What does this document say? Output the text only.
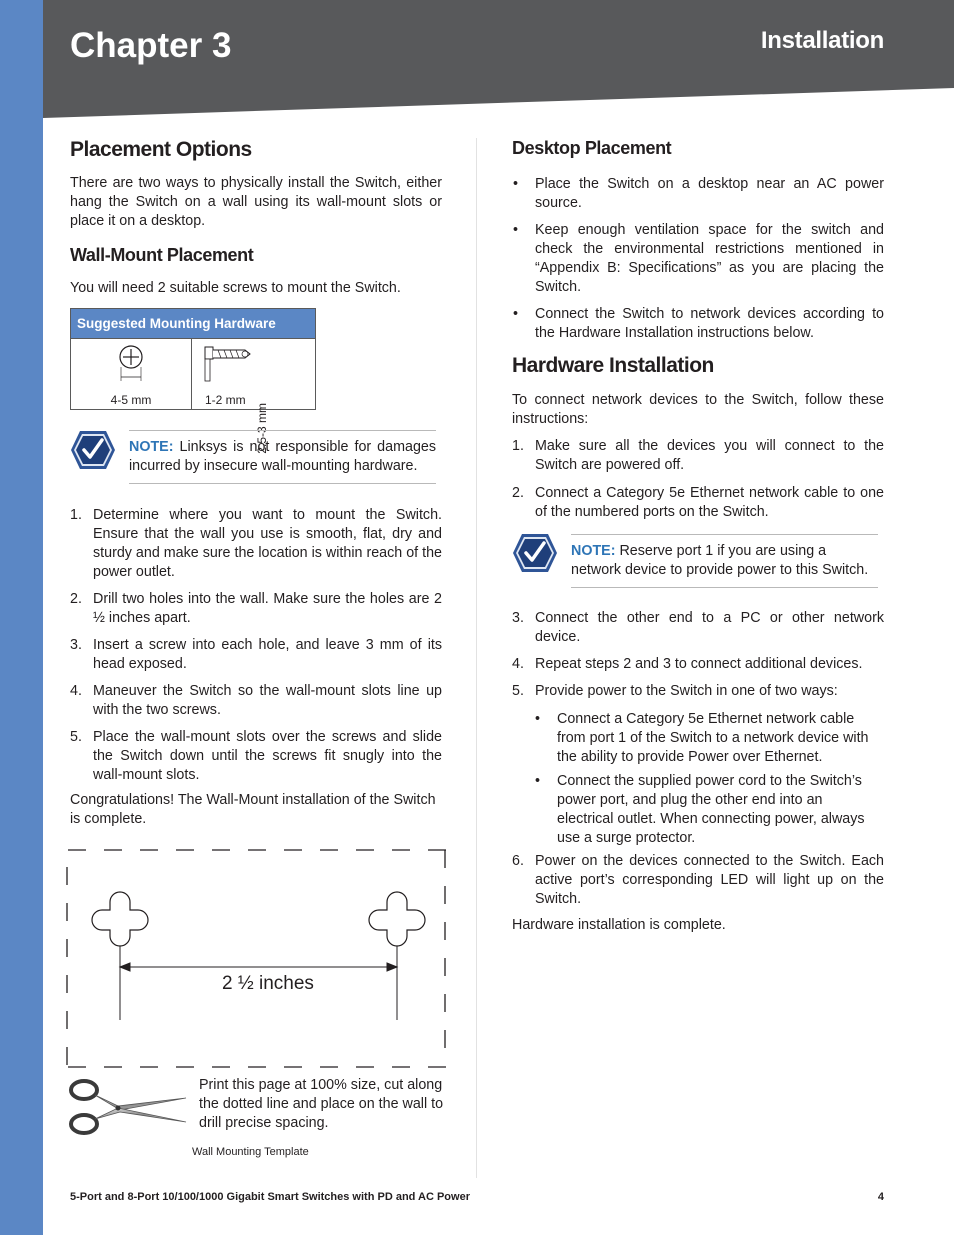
Chapter 3	Installation
Placement Options

There are two ways to physically install the Switch, either hang the Switch on a wall using its wall-mount slots or place it on a desktop.

Wall-Mount Placement

You will need 2 suitable screws to mount the Switch.

Suggested Mounting Hardware
4-5 mm	1-2 mm
2.5-3 mm
NOTE: Linksys is not responsible for damages incurred by insecure wall-mounting hardware.
1. Determine where you want to mount the Switch. Ensure that the wall you use is smooth, flat, dry and sturdy and make sure the location is within reach of the power outlet.
2. Drill two holes into the wall. Make sure the holes are 2 ½ inches apart.
3. Insert a screw into each hole, and leave 3 mm of its head exposed.
4. Maneuver the Switch so the wall-mount slots line up with the two screws.
5. Place the wall-mount slots over the screws and slide the Switch down until the screws fit snugly into the wall-mount slots.

Congratulations! The Wall-Mount installation of the Switch is complete.

2 ½ inches

Print this page at 100% size, cut along the dotted line and place on the wall to drill precise spacing.

Wall Mounting Template
Desktop Placement
• Place the Switch on a desktop near an AC power source.
• Keep enough ventilation space for the switch and check the environmental restrictions mentioned in “Appendix B: Specifications” as you are placing the Switch.
• Connect the Switch to network devices according to the Hardware Installation instructions below.
Hardware Installation

To connect network devices to the Switch, follow these instructions:

1. Make sure all the devices you will connect to the Switch are powered off.
2. Connect a Category 5e Ethernet network cable to one of the numbered ports on the Switch.
NOTE: Reserve port 1 if you are using a network device to provide power to this Switch.
3. Connect the other end to a PC or other network device.
4. Repeat steps 2 and 3 to connect additional devices.
5. Provide power to the Switch in one of two ways:
• Connect a Category 5e Ethernet network cable from port 1 of the Switch to a network device with the ability to provide Power over Ethernet.
• Connect the supplied power cord to the Switch’s power port, and plug the other end into an electrical outlet. When connecting power, always use a surge protector.
6. Power on the devices connected to the Switch. Each active port’s corresponding LED will light up on the Switch.

Hardware installation is complete.

5-Port and 8-Port 10/100/1000 Gigabit Smart Switches with PD and AC Power	4
